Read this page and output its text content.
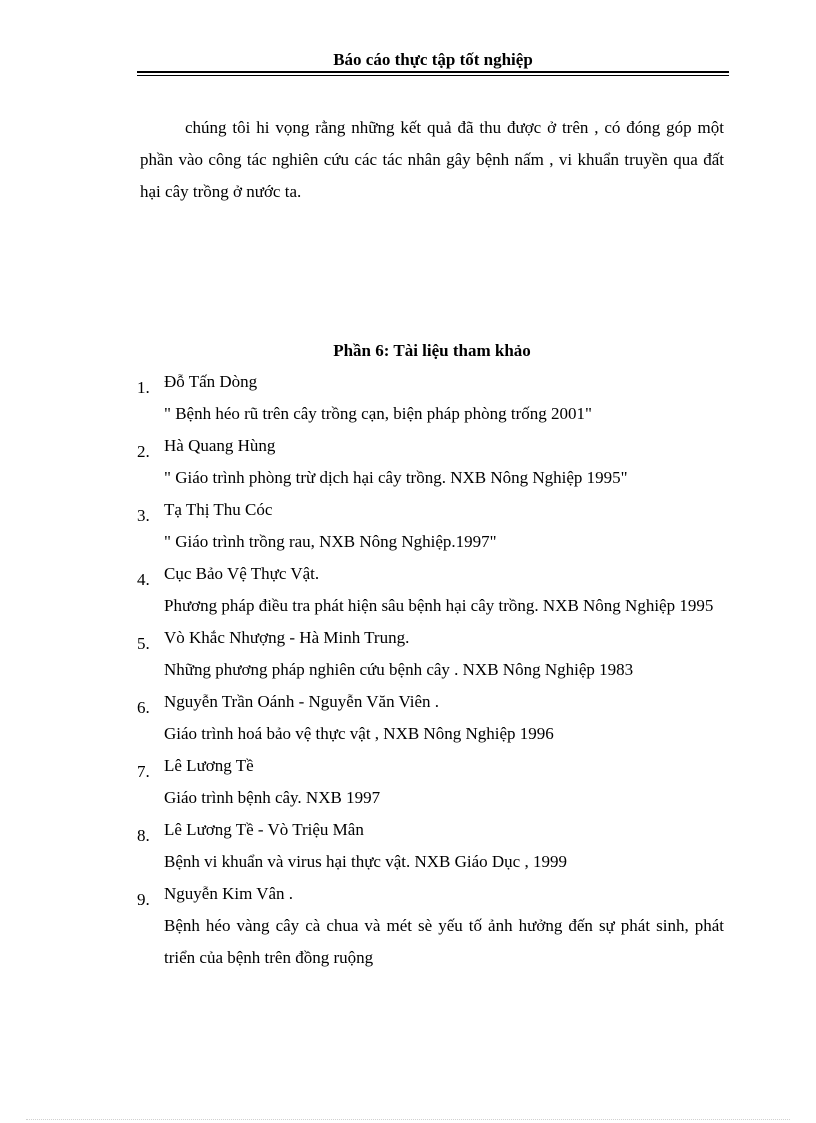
Báo cáo thực tập tốt nghiệp

chúng tôi hi vọng rằng những kết quả đã thu được ở trên , có đóng góp một phần vào công tác nghiên cứu các tác nhân gây bệnh nấm , vi khuẩn truyền qua đất hại cây trồng ở nước ta.

Phần 6: Tài liệu tham khảo
1. Đỗ Tấn Dòng
" Bệnh héo rũ trên cây trồng cạn, biện pháp phòng trống 2001"
2. Hà Quang Hùng
" Giáo trình phòng trừ dịch hại cây trồng. NXB Nông Nghiệp 1995"
3. Tạ Thị Thu Cóc
" Giáo trình trồng rau, NXB Nông Nghiệp.1997"
4. Cục Bảo Vệ Thực Vật.
Phương pháp điều tra phát hiện sâu bệnh hại cây trồng. NXB Nông Nghiệp 1995
5. Vò Khắc Nhượng - Hà Minh Trung.
Những phương pháp nghiên cứu bệnh cây . NXB Nông Nghiệp 1983
6. Nguyễn Trần Oánh - Nguyễn Văn Viên .
Giáo trình hoá bảo vệ thực vật , NXB Nông Nghiệp 1996
7. Lê Lương Tề
Giáo trình bệnh cây. NXB 1997
8. Lê Lương Tề - Vò Triệu Mân
Bệnh vi khuẩn và virus hại thực vật. NXB Giáo Dục , 1999
9. Nguyễn Kim Vân .
Bệnh héo vàng cây cà chua và mét sè yếu tố ảnh hưởng đến sự phát sinh, phát triển của bệnh trên đồng ruộng
